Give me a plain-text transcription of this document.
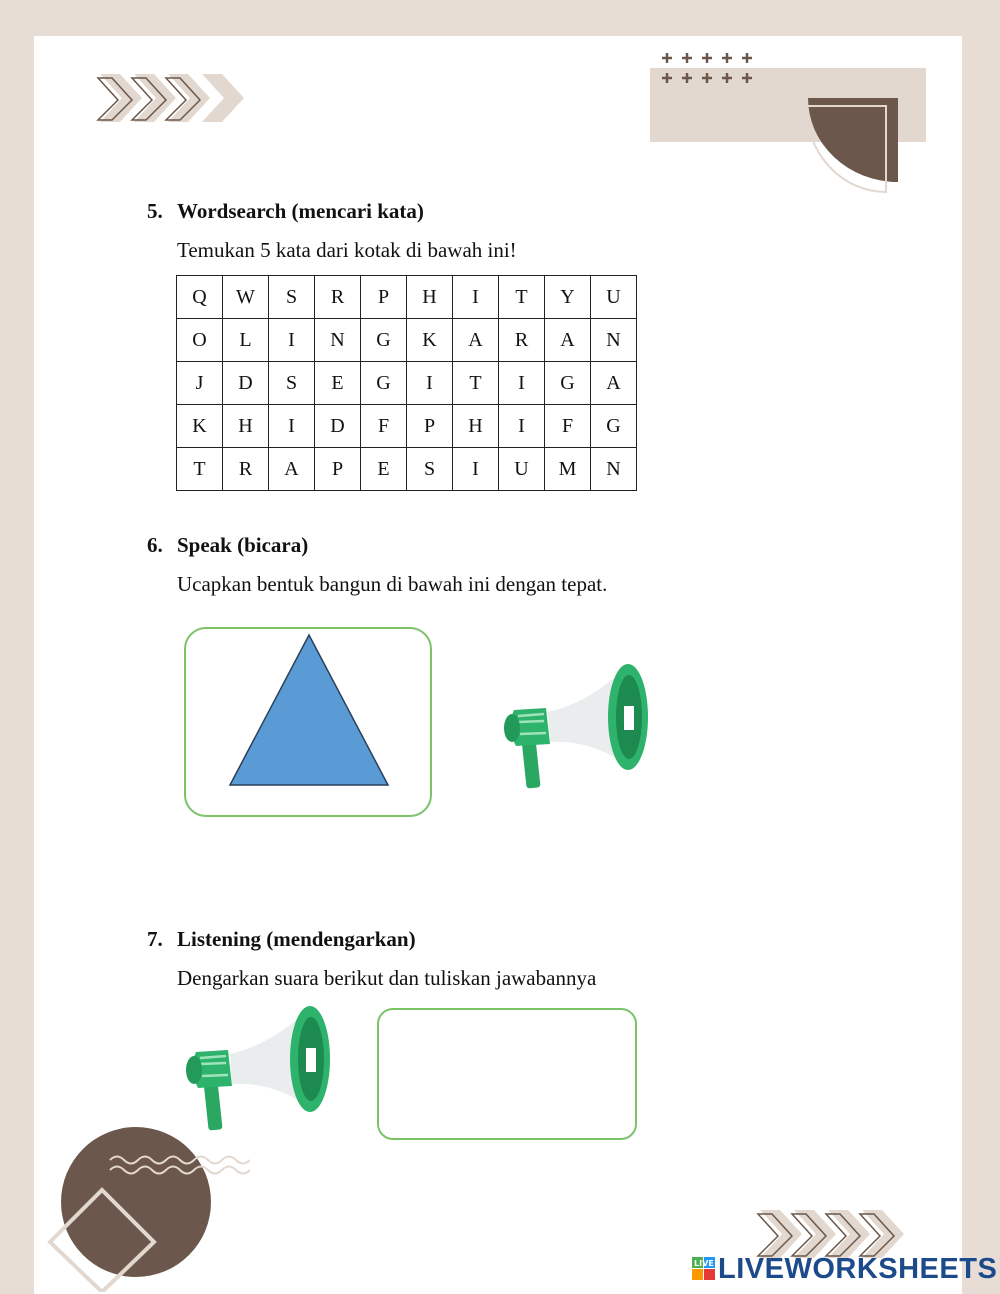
5. Wordsearch (mencari kata)
Temukan 5 kata dari kotak di bawah ini!
Q	W	S	R	P	H	I	T	Y	U
O	L	I	N	G	K	A	R	A	N
J	D	S	E	G	I	T	I	G	A
K	H	I	D	F	P	H	I	F	G
T	R	A	P	E	S	I	U	M	N
6. Speak (bicara)
Ucapkan bentuk bangun di bawah ini dengan tepat.
7. Listening (mendengarkan)
Dengarkan suara berikut dan tuliskan jawabannya
LIVE LIVEWORKSHEETS
